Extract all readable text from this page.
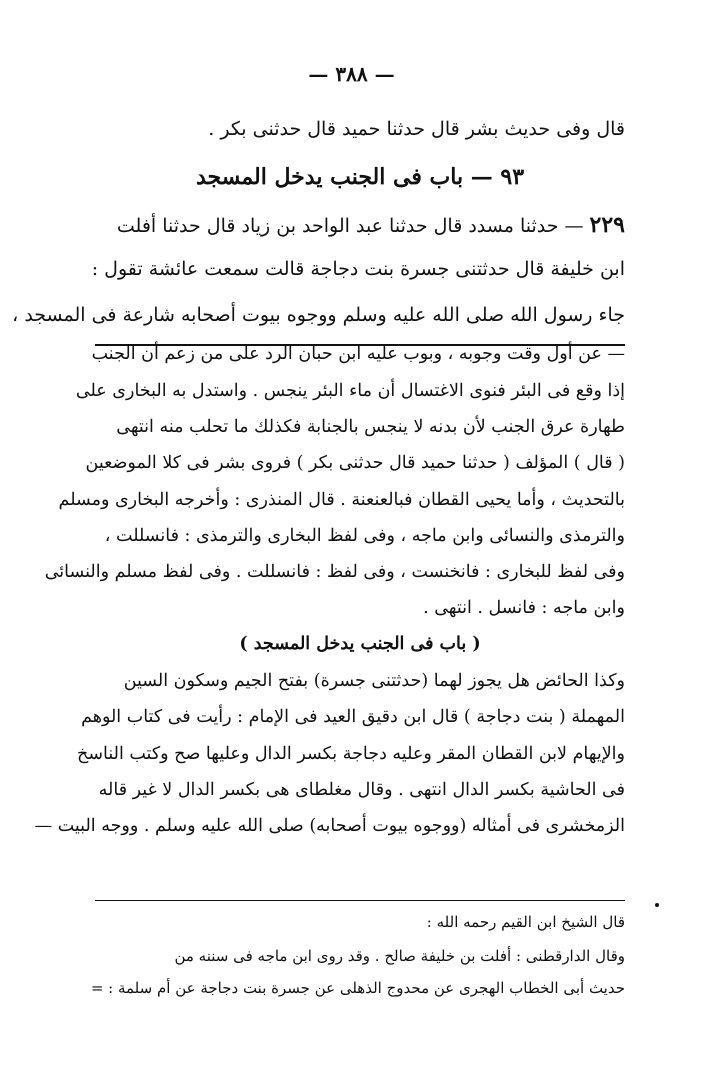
— ٣٨٨ —
قال وفى حديث بشر قال حدثنا حميد قال حدثنى بكر .
٩٣ — باب فى الجنب يدخل المسجد
٢٢٩ — حدثنا مسدد قال حدثنا عبد الواحد بن زياد قال حدثنا أفلت
ابن خليفة قال حدثتنى جسرة بنت دجاجة قالت سمعت عائشة تقول :
جاء رسول الله صلى الله عليه وسلم ووجوه بيوت أصحابه شارعة فى المسجد ،
— عن أول وقت وجوبه ، وبوب عليه ابن حبان الرد على من زعم أن الجنب
إذا وقع فى البئر فنوى الاغتسال أن ماء البئر ينجس . واستدل به البخارى على
طهارة عرق الجنب لأن بدنه لا ينجس بالجنابة فكذلك ما تحلب منه انتهى
( قال ) المؤلف ( حدثنا حميد قال حدثنى بكر ) فروى بشر فى كلا الموضعين
بالتحديث ، وأما يحيى القطان فبالعنعنة . قال المنذرى : وأخرجه البخارى ومسلم
والترمذى والنسائى وابن ماجه ، وفى لفظ البخارى والترمذى : فانسللت ،
وفى لفظ للبخارى : فانخنست ، وفى لفظ : فانسللت . وفى لفظ مسلم والنسائى
وابن ماجه : فانسل . انتهى .
( باب فى الجنب يدخل المسجد )
وكذا الحائض هل يجوز لهما (حدثتنى جسرة) بفتح الجيم وسكون السين
المهملة ( بنت دجاجة ) قال ابن دقيق العيد فى الإمام : رأيت فى كتاب الوهم
والإيهام لابن القطان المقر وعليه دجاجة بكسر الدال وعليها صح وكتب الناسخ
فى الحاشية بكسر الدال انتهى . وقال مغلطاى هى بكسر الدال لا غير قاله
الزمخشرى فى أمثاله (ووجوه بيوت أصحابه) صلى الله عليه وسلم . ووجه البيت —
قال الشيخ ابن القيم رحمه الله :
وقال الدارقطنى : أفلت بن خليفة صالح . وقد روى ابن ماجه فى سننه من
حديث أبى الخطاب الهجرى عن محدوج الذهلى عن جسرة بنت دجاجة عن أم سلمة : =
